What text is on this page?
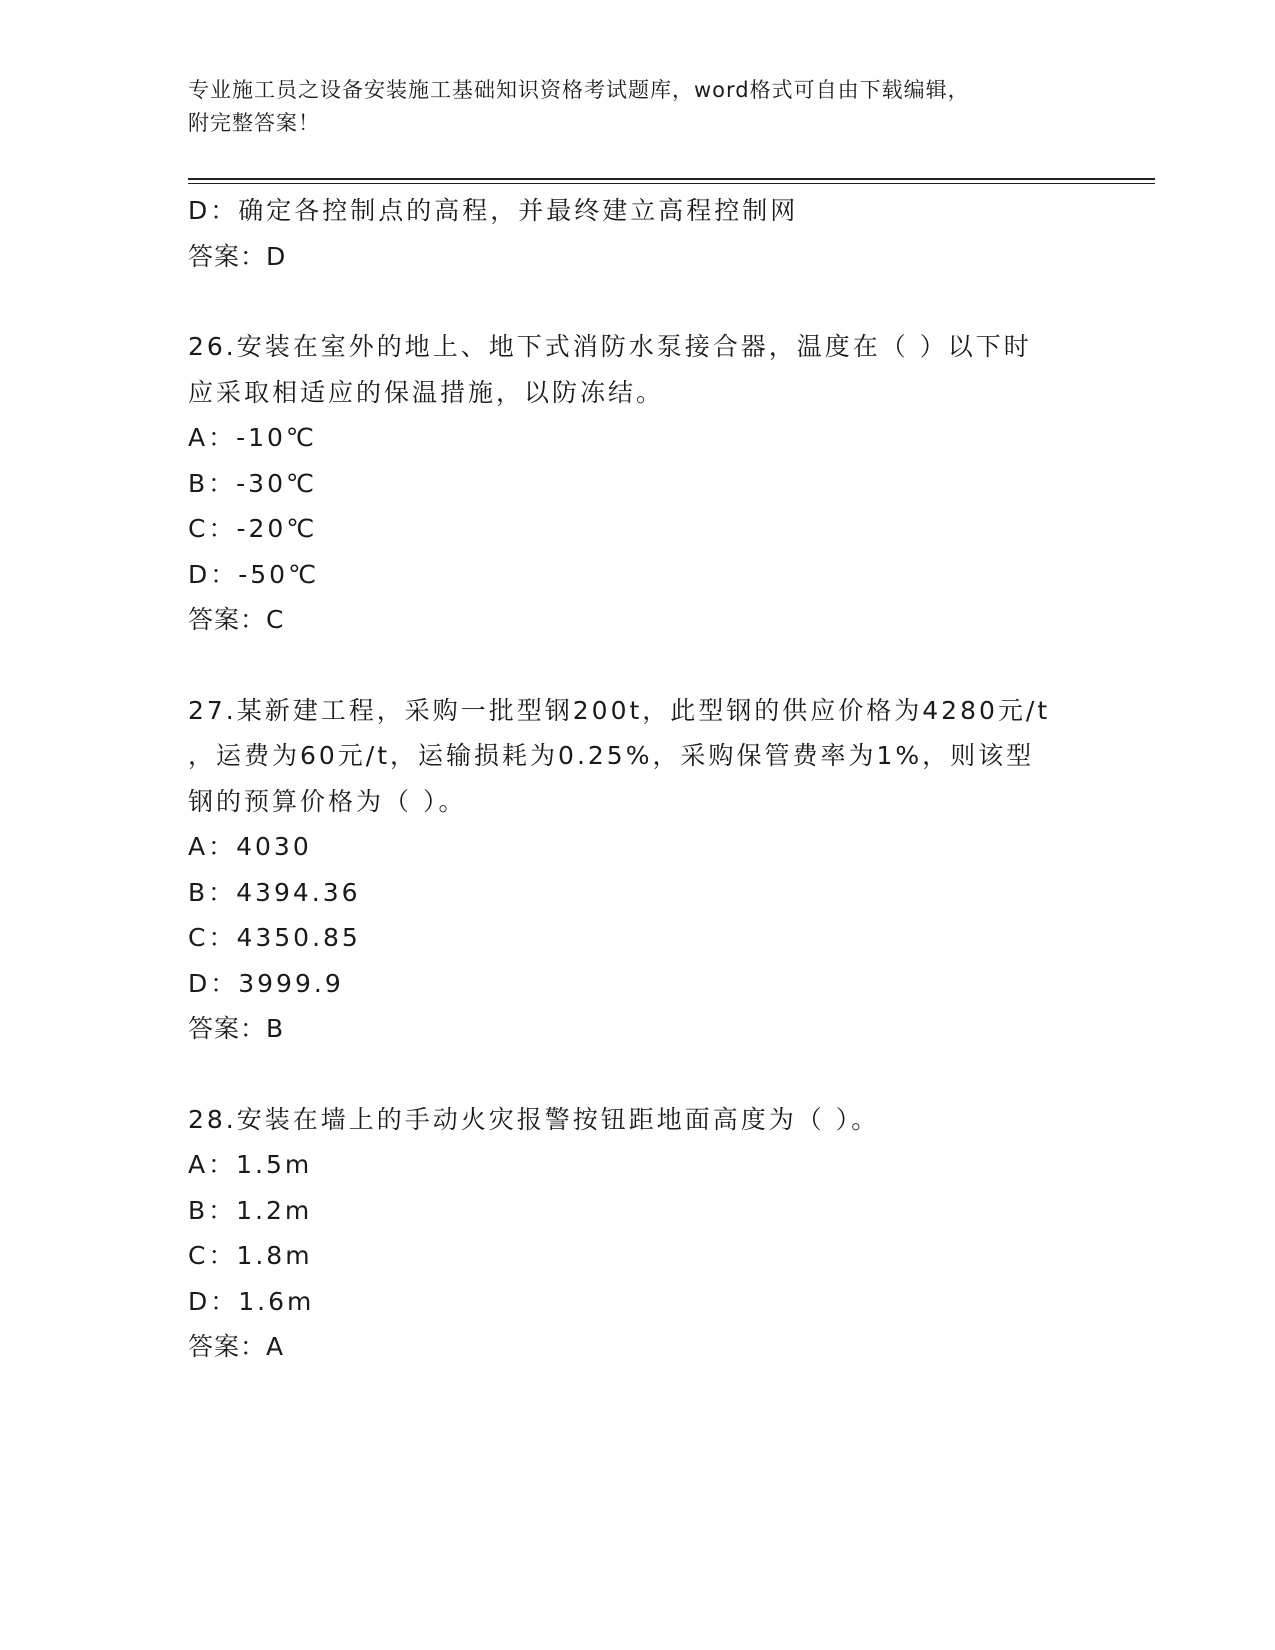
专业施工员之设备安装施工基础知识资格考试题库，word格式可自由下载编辑，
附完整答案！
D：确定各控制点的高程，并最终建立高程控制网
答案：D
26.安装在室外的地上、地下式消防水泵接合器，温度在（ ）以下时
应采取相适应的保温措施，以防冻结。
A：-10℃
B：-30℃
C：-20℃
D：-50℃
答案：C
27.某新建工程，采购一批型钢200t，此型钢的供应价格为4280元/t
，运费为60元/t，运输损耗为0.25%，采购保管费率为1%，则该型
钢的预算价格为（ ）。
A：4030
B：4394.36
C：4350.85
D：3999.9
答案：B
28.安装在墙上的手动火灾报警按钮距地面高度为（ ）。
A：1.5m
B：1.2m
C：1.8m
D：1.6m
答案：A
